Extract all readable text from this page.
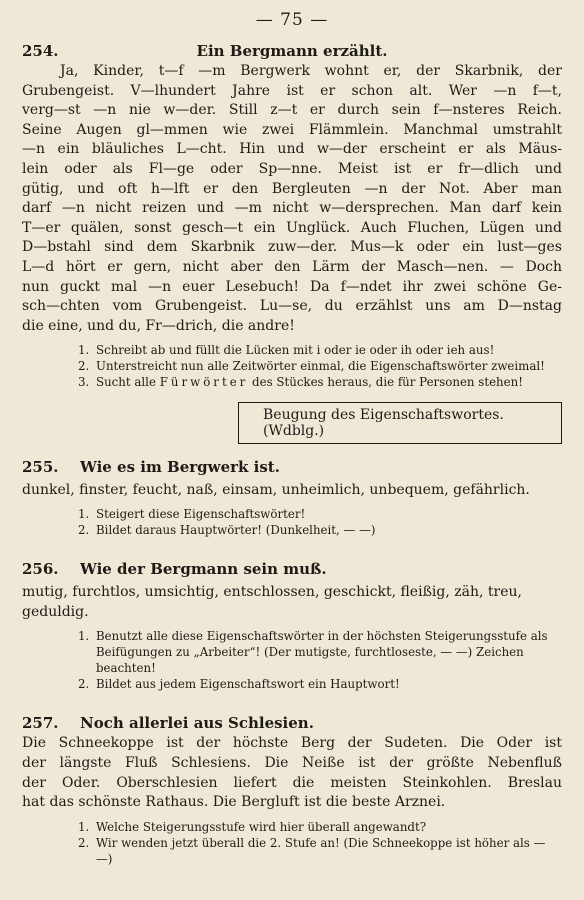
— 75 —
254.	Ein Bergmann erzählt.
Ja, Kinder, t—f —m Bergwerk wohnt er, der Skarbnik, der
Grubengeist. V—lhundert Jahre ist er schon alt. Wer —n f—t,
verg—st —n nie w—der. Still z—t er durch sein f—nsteres Reich.
Seine Augen gl—mmen wie zwei Flämmlein. Manchmal umstrahlt
—n ein bläuliches L—cht. Hin und w—der erscheint er als Mäus-
lein oder als Fl—ge oder Sp—nne. Meist ist er fr—dlich und
gütig, und oft h—lft er den Bergleuten —n der Not. Aber man
darf —n nicht reizen und —m nicht w—dersprechen. Man darf kein
T—er quälen, sonst gesch—t ein Unglück. Auch Fluchen, Lügen und
D—bstahl sind dem Skarbnik zuw—der. Mus—k oder ein lust—ges
L—d hört er gern, nicht aber den Lärm der Masch—nen. — Doch
nun guckt mal —n euer Lesebuch! Da f—ndet ihr zwei schöne Ge-
sch—chten vom Grubengeist. Lu—se, du erzählst uns am D—nstag
die eine, und du, Fr—drich, die andre!
1. Schreibt ab und füllt die Lücken mit i oder ie oder ih oder ieh aus!
2. Unterstreicht nun alle Zeitwörter einmal, die Eigenschaftswörter zweimal!
3. Sucht alle Fürwörter des Stückes heraus, die für Personen stehen!
Beugung des Eigenschaftswortes. (Wdblg.)
255.	Wie es im Bergwerk ist.
dunkel, finster, feucht, naß, einsam, unheimlich, unbequem, gefährlich.
1. Steigert diese Eigenschaftswörter!
2. Bildet daraus Hauptwörter! (Dunkelheit, — —)
256.	Wie der Bergmann sein muß.
mutig, furchtlos, umsichtig, entschlossen, geschickt, fleißig, zäh, treu, geduldig.
1. Benutzt alle diese Eigenschaftswörter in der höchsten Steigerungsstufe als Beifügungen zu „Arbeiter“! (Der mutigste, furchtloseste, — —) Zeichen beachten!
2. Bildet aus jedem Eigenschaftswort ein Hauptwort!
257.	Noch allerlei aus Schlesien.
Die Schneekoppe ist der höchste Berg der Sudeten. Die Oder ist
der längste Fluß Schlesiens. Die Neiße ist der größte Nebenfluß
der Oder. Oberschlesien liefert die meisten Steinkohlen. Breslau
hat das schönste Rathaus. Die Bergluft ist die beste Arznei.
1. Welche Steigerungsstufe wird hier überall angewandt?
2. Wir wenden jetzt überall die 2. Stufe an! (Die Schneekoppe ist höher als — —)
